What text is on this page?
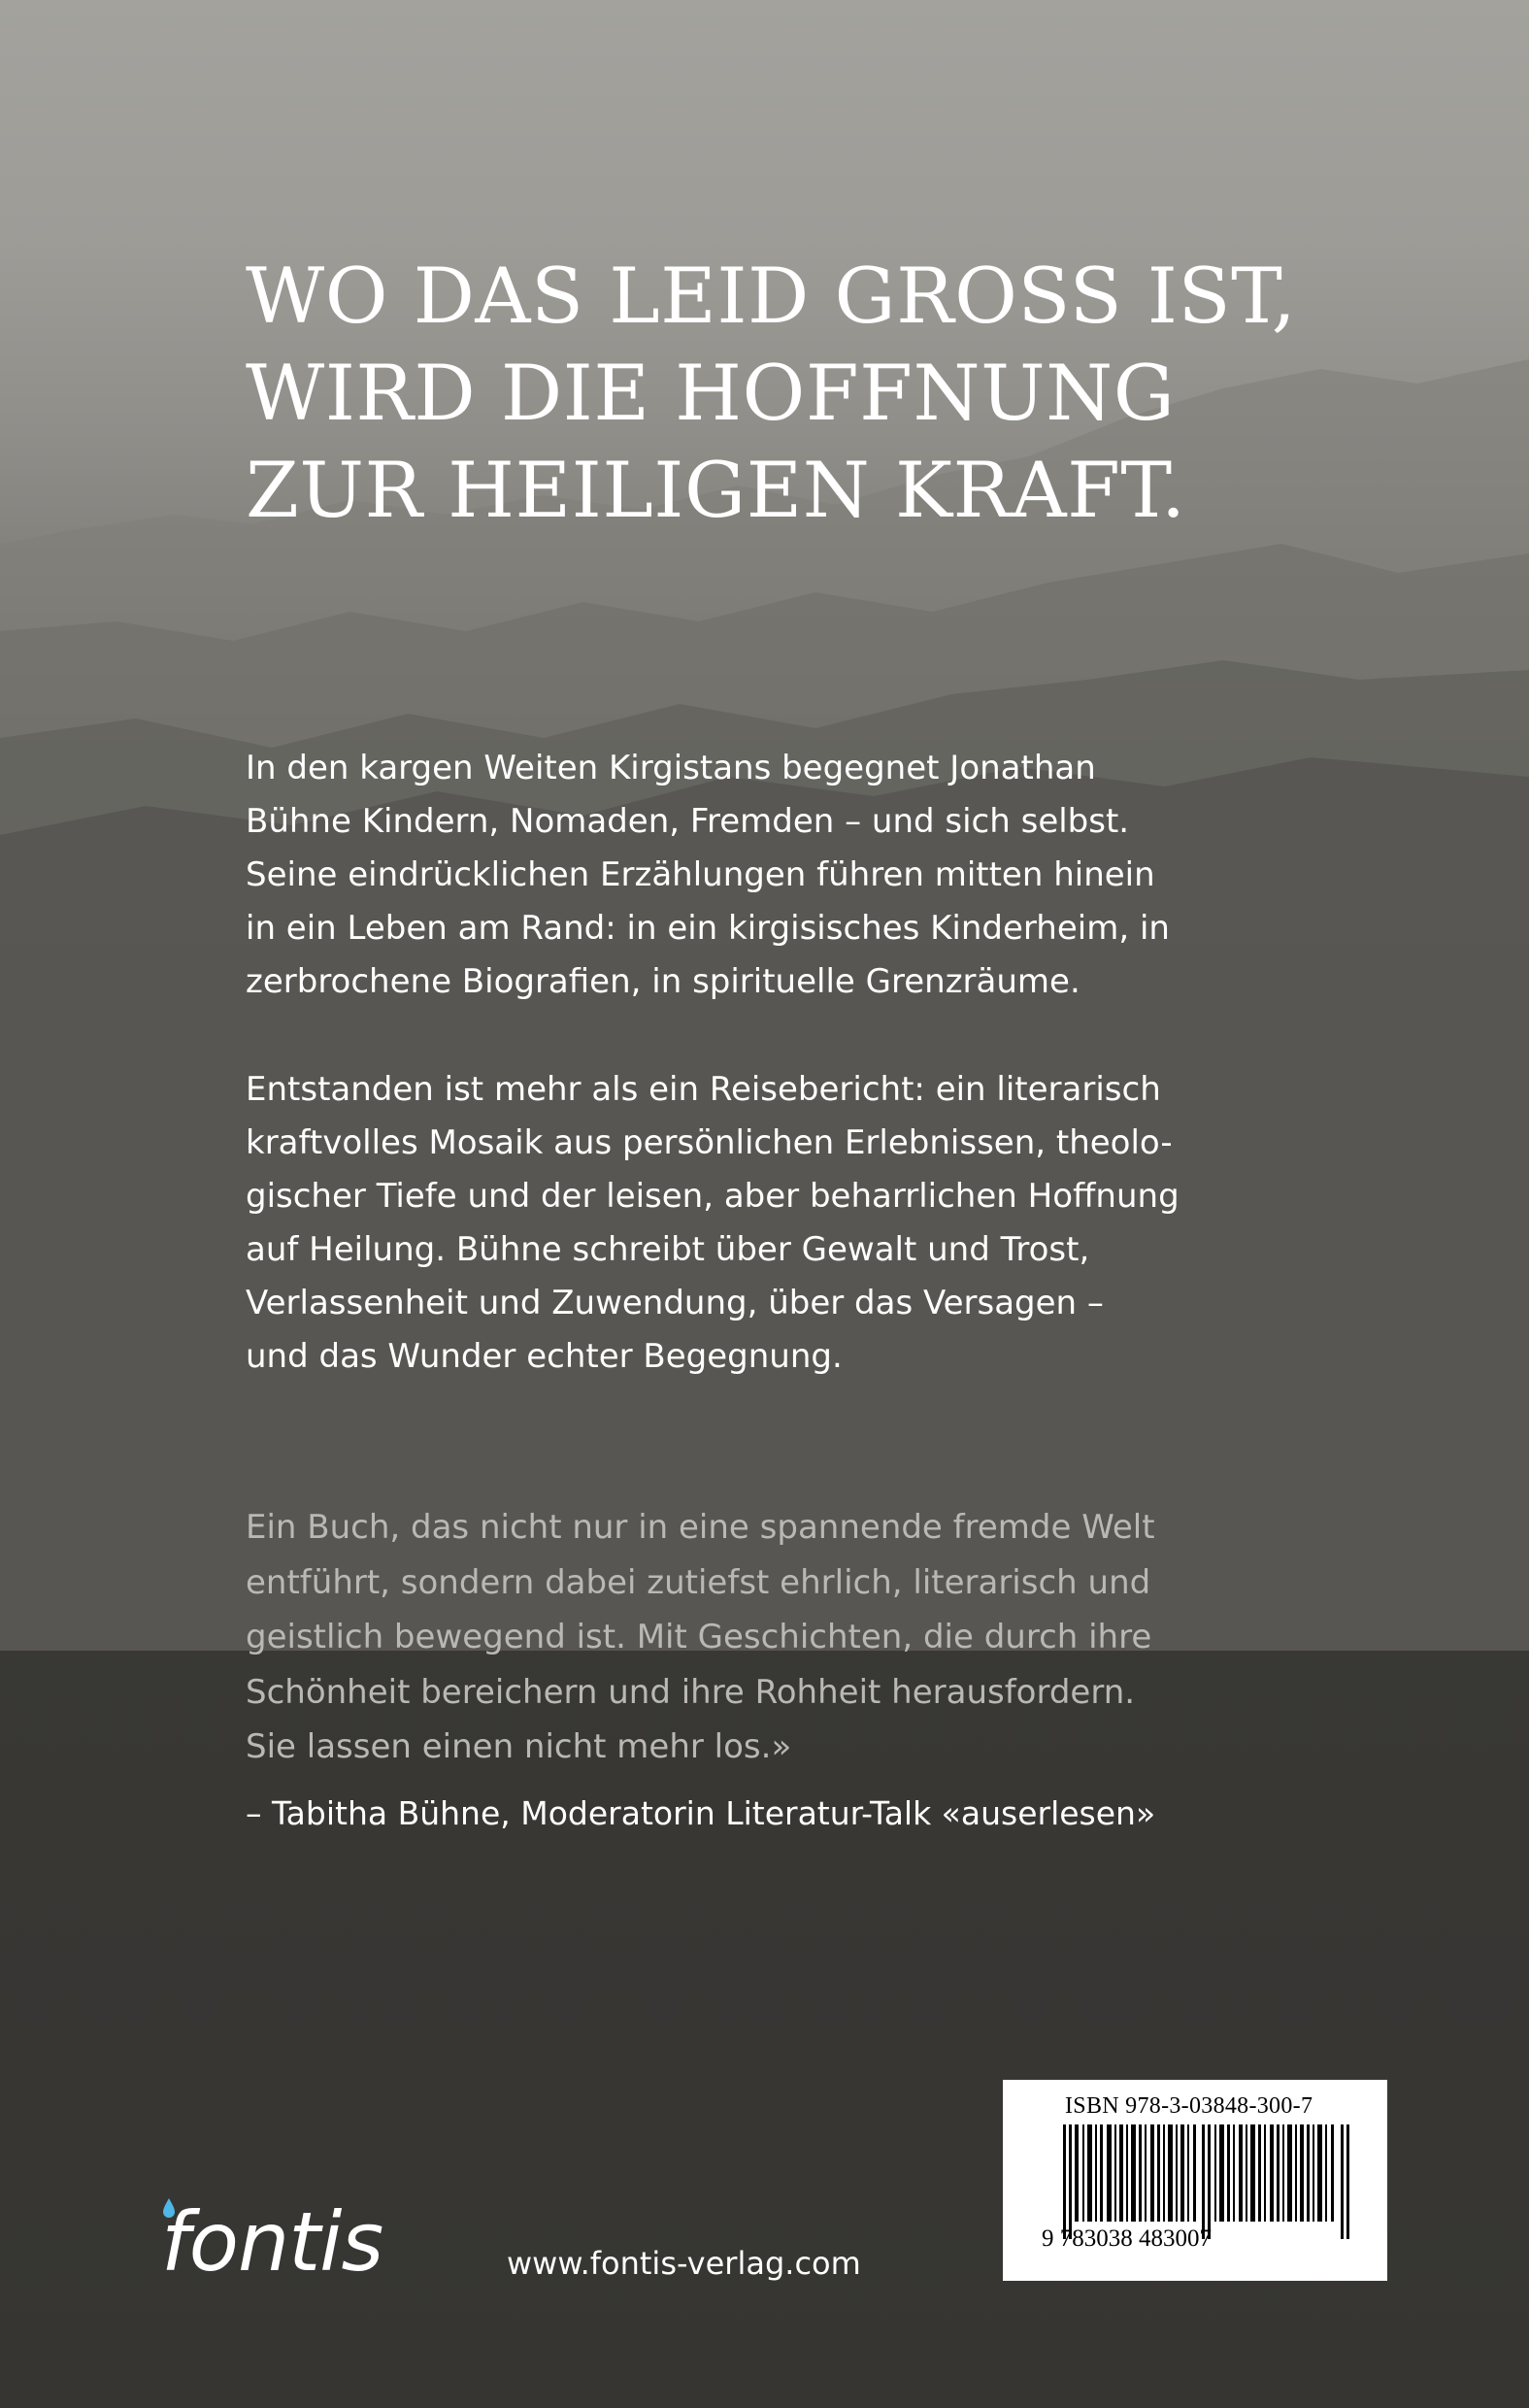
WO DAS LEID GROSS IST,
WIRD DIE HOFFNUNG
ZUR HEILIGEN KRAFT.

In den kargen Weiten Kirgistans begegnet Jonathan
Bühne Kindern, Nomaden, Fremden – und sich selbst.
Seine eindrücklichen Erzählungen führen mitten hinein
in ein Leben am Rand: in ein kirgisisches Kinderheim, in
zerbrochene Biografien, in spirituelle Grenzräume.

Entstanden ist mehr als ein Reisebericht: ein literarisch
kraftvolles Mosaik aus persönlichen Erlebnissen, theolo-
gischer Tiefe und der leisen, aber beharrlichen Hoffnung
auf Heilung. Bühne schreibt über Gewalt und Trost,
Verlassenheit und Zuwendung, über das Versagen –
und das Wunder echter Begegnung.

Ein Buch, das nicht nur in eine spannende fremde Welt
entführt, sondern dabei zutiefst ehrlich, literarisch und
geistlich bewegend ist. Mit Geschichten, die durch ihre
Schönheit bereichern und ihre Rohheit herausfordern.
Sie lassen einen nicht mehr los.»

– Tabitha Bühne, Moderatorin Literatur-Talk «auserlesen»

fontis	www.fontis-verlag.com
ISBN 978-3-03848-300-7
9 783038 483007
